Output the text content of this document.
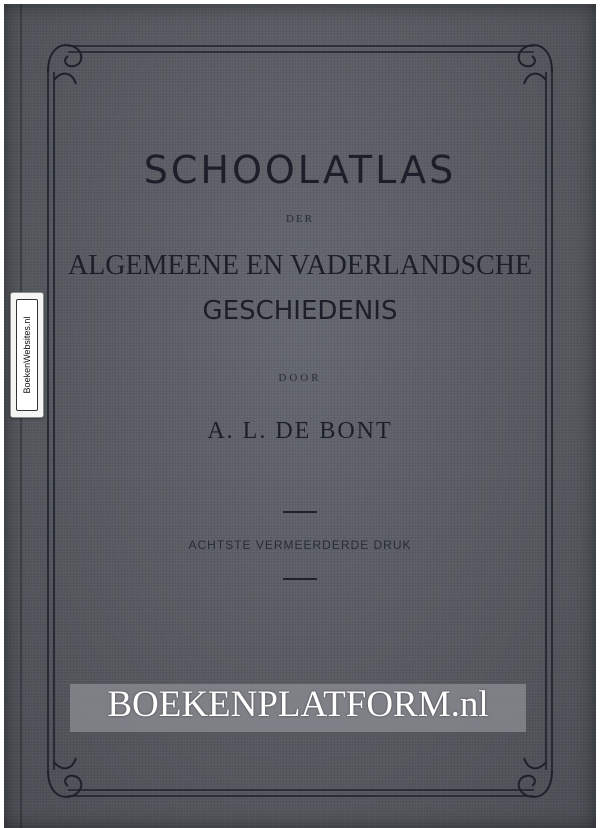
SCHOOLATLAS
DER
ALGEMEENE EN VADERLANDSCHE
GESCHIEDENIS
DOOR
A. L. DE BONT
ACHTSTE VERMEERDERDE DRUK
BoekenWebsites.nl
BOEKENPLATFORM.nl
